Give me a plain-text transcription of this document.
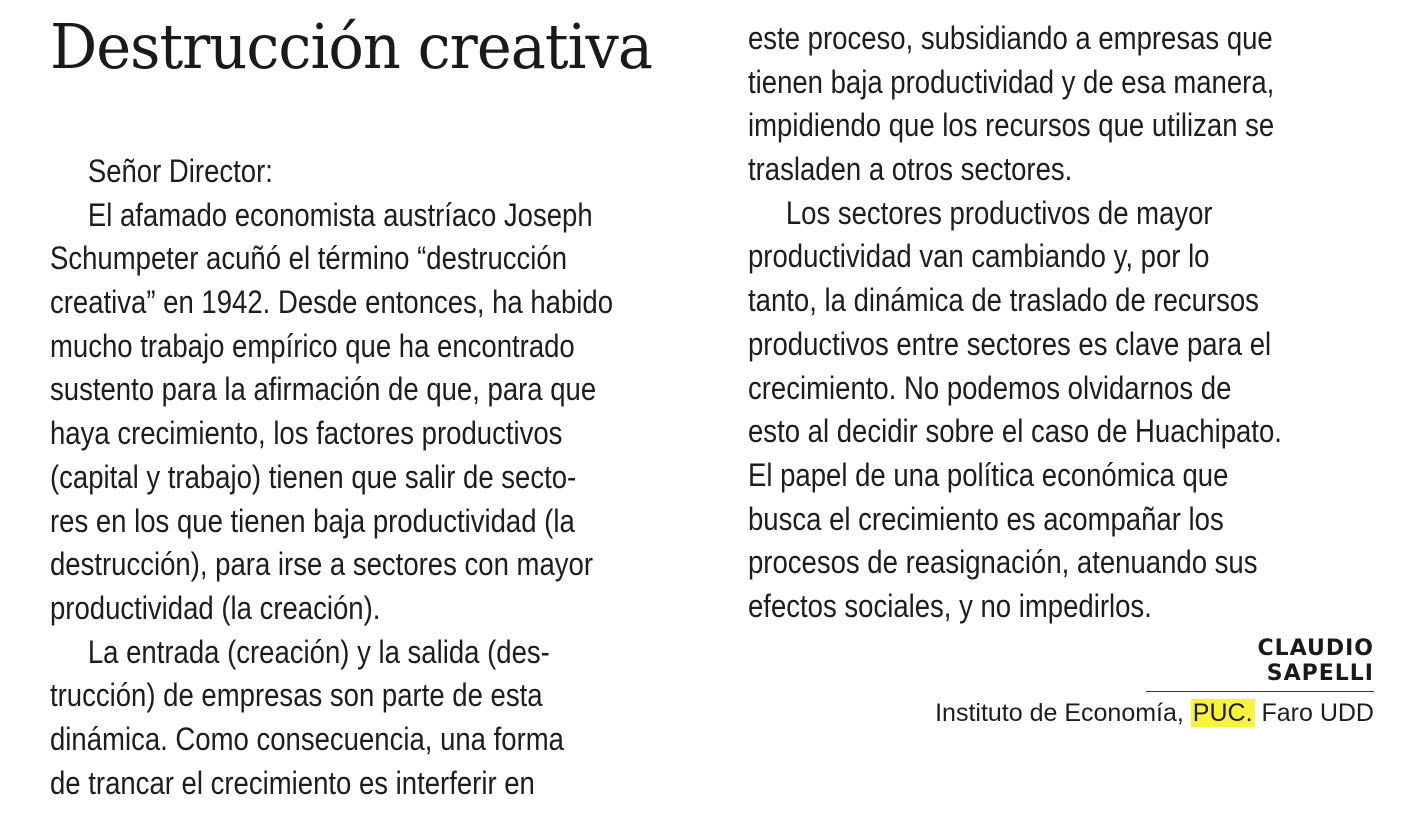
Destrucción creativa
Señor Director:
El afamado economista austríaco Joseph
Schumpeter acuñó el término “destrucción
creativa” en 1942. Desde entonces, ha habido
mucho trabajo empírico que ha encontrado
sustento para la afirmación de que, para que
haya crecimiento, los factores productivos
(capital y trabajo) tienen que salir de secto-
res en los que tienen baja productividad (la
destrucción), para irse a sectores con mayor
productividad (la creación).
La entrada (creación) y la salida (des-
trucción) de empresas son parte de esta
dinámica. Como consecuencia, una forma
de trancar el crecimiento es interferir en
este proceso, subsidiando a empresas que
tienen baja productividad y de esa manera,
impidiendo que los recursos que utilizan se
trasladen a otros sectores.
Los sectores productivos de mayor
productividad van cambiando y, por lo
tanto, la dinámica de traslado de recursos
productivos entre sectores es clave para el
crecimiento. No podemos olvidarnos de
esto al decidir sobre el caso de Huachipato.
El papel de una política económica que
busca el crecimiento es acompañar los
procesos de reasignación, atenuando sus
efectos sociales, y no impedirlos.
CLAUDIO SAPELLI
Instituto de Economía, PUC. Faro UDD
